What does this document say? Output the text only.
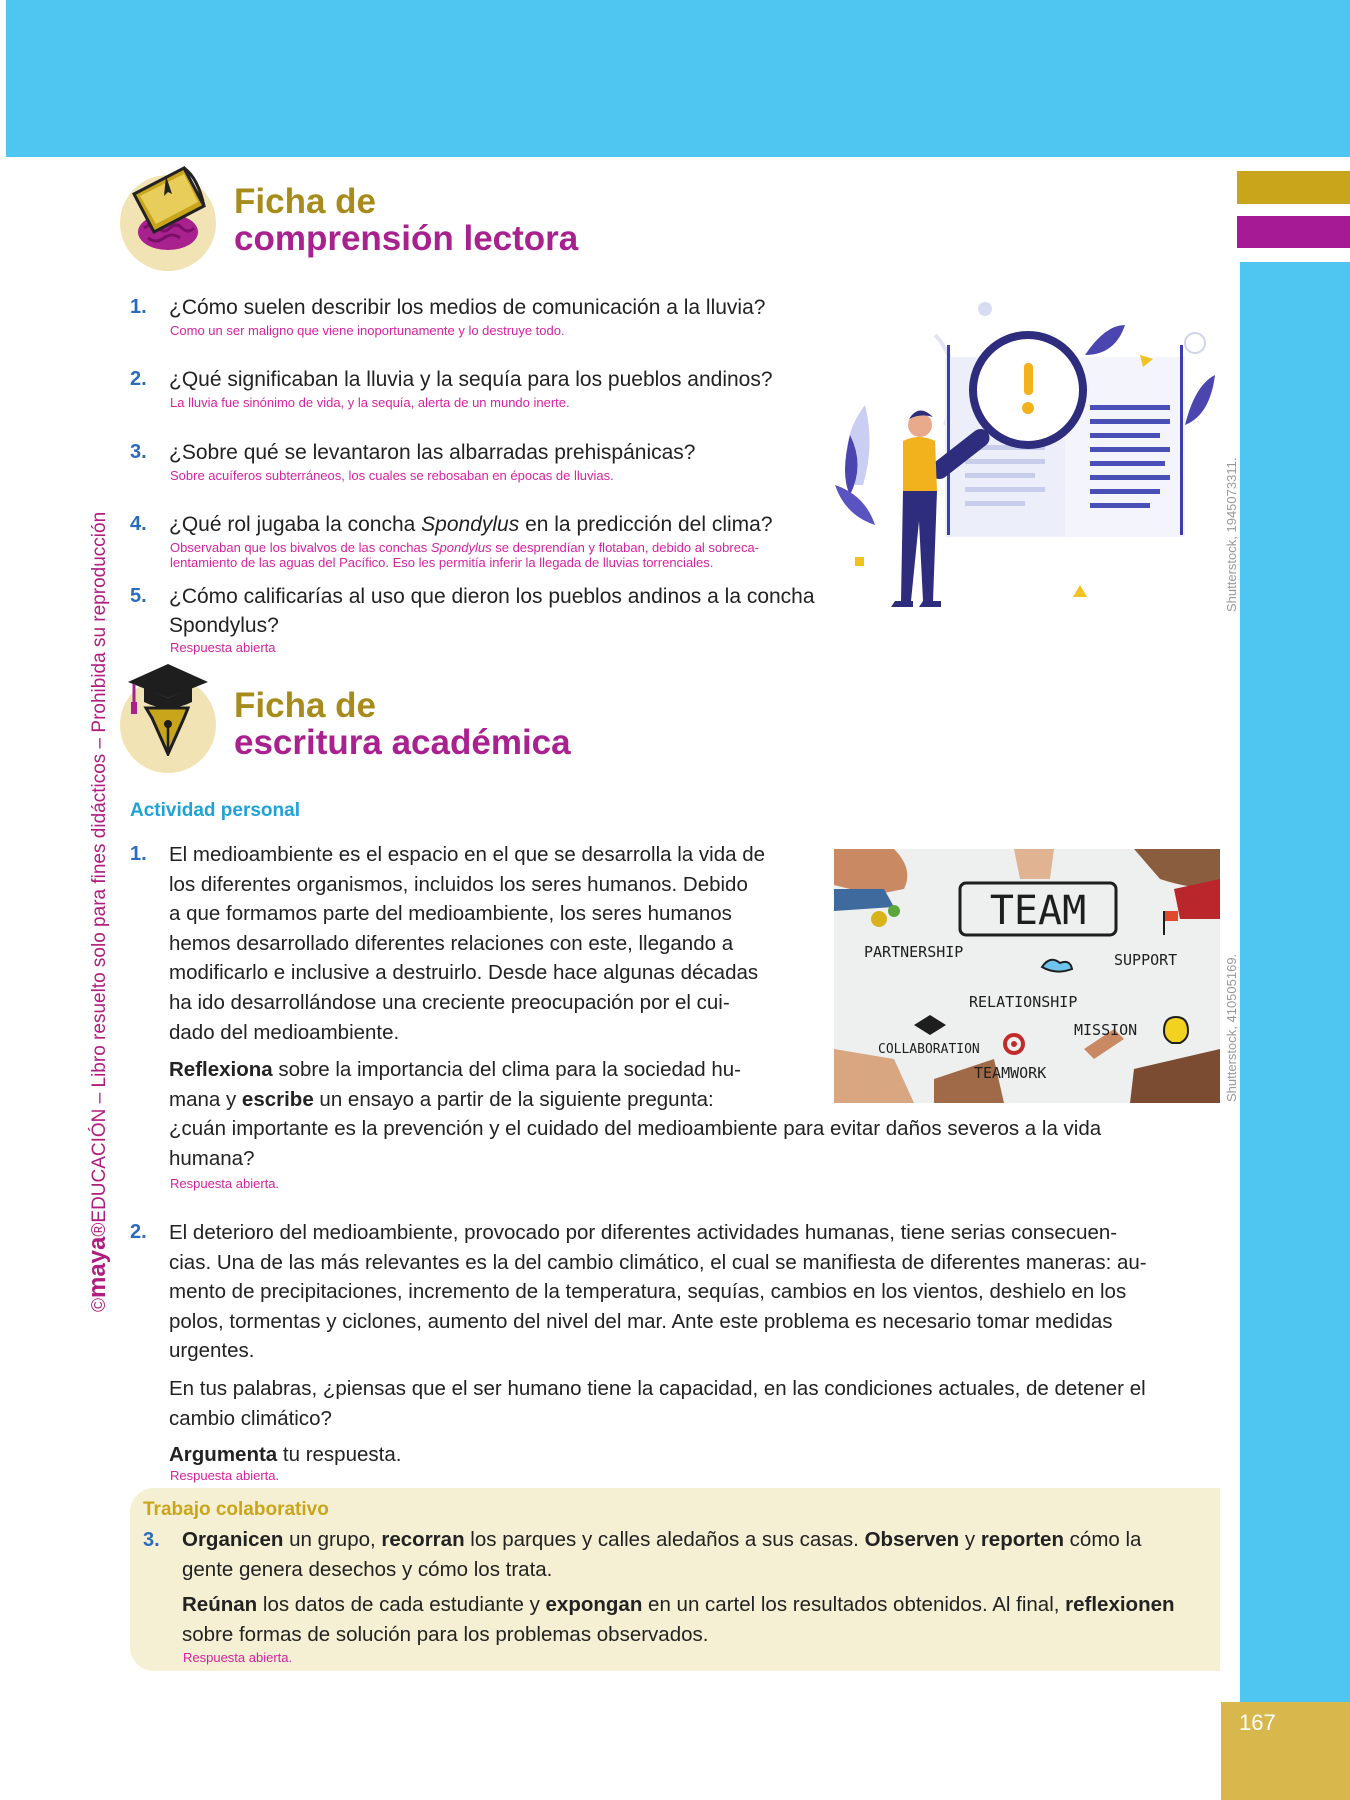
167
©maya®EDUCACIÓN – Libro resuelto solo para fines didácticos – Prohibida su reproducción
Ficha de
comprensión lectora
1. ¿Cómo suelen describir los medios de comunicación a la lluvia?
Como un ser maligno que viene inoportunamente y lo destruye todo.
2. ¿Qué significaban la lluvia y la sequía para los pueblos andinos?
La lluvia fue sinónimo de vida, y la sequía, alerta de un mundo inerte.
3. ¿Sobre qué se levantaron las albarradas prehispánicas?
Sobre acuíferos subterráneos, los cuales se rebosaban en épocas de lluvias.
4. ¿Qué rol jugaba la concha Spondylus en la predicción del clima?
Observaban que los bivalvos de las conchas Spondylus se desprendían y flotaban, debido al sobreca-
lentamiento de las aguas del Pacífico. Eso les permitía inferir la llegada de lluvias torrenciales.
5. ¿Cómo calificarías al uso que dieron los pueblos andinos a la concha
Spondylus?
Respuesta abierta
Shutterstock, 1945073311.
Ficha de
escritura académica
Actividad personal
1. El medioambiente es el espacio en el que se desarrolla la vida de
los diferentes organismos, incluidos los seres humanos. Debido
a que formamos parte del medioambiente, los seres humanos
hemos desarrollado diferentes relaciones con este, llegando a
modificarlo e inclusive a destruirlo. Desde hace algunas décadas
ha ido desarrollándose una creciente preocupación por el cui-
dado del medioambiente.
Reflexiona sobre la importancia del clima para la sociedad hu-
mana y escribe un ensayo a partir de la siguiente pregunta:
¿cuán importante es la prevención y el cuidado del medioambiente para evitar daños severos a la vida
humana?
Respuesta abierta.
TEAM
PARTNERSHIP	SUPPORT
RELATIONSHIP
MISSION
COLLABORATION
TEAMWORK	Shutterstock, 410505169.
2. El deterioro del medioambiente, provocado por diferentes actividades humanas, tiene serias consecuen-
cias. Una de las más relevantes es la del cambio climático, el cual se manifiesta de diferentes maneras: au-
mento de precipitaciones, incremento de la temperatura, sequías, cambios en los vientos, deshielo en los
polos, tormentas y ciclones, aumento del nivel del mar. Ante este problema es necesario tomar medidas
urgentes.
En tus palabras, ¿piensas que el ser humano tiene la capacidad, en las condiciones actuales, de detener el
cambio climático?
Argumenta tu respuesta.
Respuesta abierta.
Trabajo colaborativo
3. Organicen un grupo, recorran los parques y calles aledaños a sus casas. Observen y reporten cómo la
gente genera desechos y cómo los trata.
Reúnan los datos de cada estudiante y expongan en un cartel los resultados obtenidos. Al final, reflexionen
sobre formas de solución para los problemas observados.
Respuesta abierta.
